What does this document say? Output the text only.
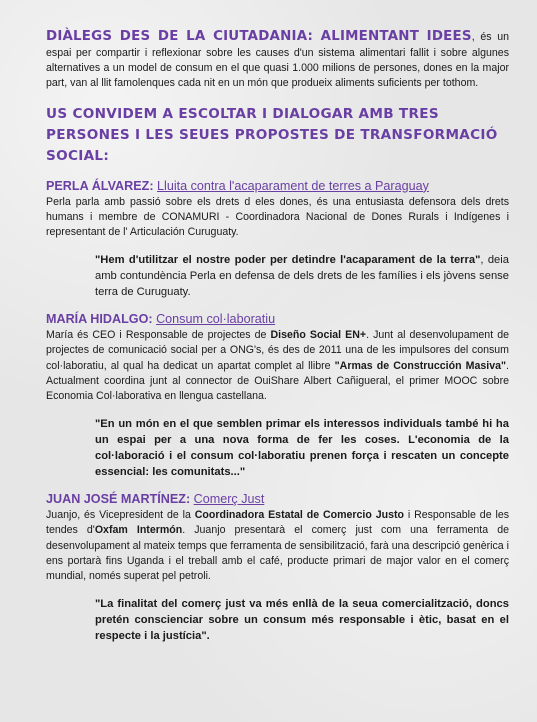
DIÀLEGS DES DE LA CIUTADANIA: ALIMENTANT IDEES, és un espai per compartir i reflexionar sobre les causes d'un sistema alimentari fallit i sobre algunes alternatives a un model de consum en el que quasi 1.000 milions de persones, dones en la major part, van al llit famolenques cada nit en un món que produeix aliments suficients per tothom.

US CONVIDEM A ESCOLTAR I DIALOGAR AMB TRES PERSONES I LES SEUES PROPOSTES DE TRANSFORMACIÓ SOCIAL:
PERLA ÁLVAREZ: Lluita contra l'acaparament de terres a Paraguay

Perla parla amb passió sobre els drets d eles dones, és una entusiasta defensora dels drets humans i membre de CONAMURI - Coordinadora Nacional de Dones Rurals i Indígenes i representant de l' Articulación Curuguaty.

"Hem d'utilitzar el nostre poder per detindre l'acaparament de la terra", deia amb contundència Perla en defensa de dels drets de les famílies i els jòvens sense terra de Curuguaty.

MARÍA HIDALGO: Consum col·laboratiu

María és CEO i Responsable de projectes de Diseño Social EN+. Junt al desenvolupament de projectes de comunicació social per a ONG's, és des de 2011 una de les impulsores del consum col·laboratiu, al qual ha dedicat un apartat complet al llibre "Armas de Construcción Masiva". Actualment coordina junt al connector de OuiShare Albert Cañigueral, el primer MOOC sobre Economia Col·laborativa en llengua castellana.

"En un món en el que semblen primar els interessos individuals també hi ha un espai per a una nova forma de fer les coses. L'economia de la col·laboració i el consum col·laboratiu prenen força i rescaten un concepte essencial: les comunitats..."

JUAN JOSÉ MARTÍNEZ: Comerç Just

Juanjo, és Vicepresident de la Coordinadora Estatal de Comercio Justo i Responsable de les tendes d'Oxfam Intermón. Juanjo presentarà el comerç just com una ferramenta de desenvolupament al mateix temps que ferramenta de sensibilització, farà una descripció genèrica i ens portarà fins Uganda i el treball amb el café, producte primari de major valor en el comerç mundial, només superat pel petroli.

"La finalitat del comerç just va més enllà de la seua comercialització, doncs pretén conscienciar sobre un consum més responsable i ètic, basat en el respecte i la justícia".
